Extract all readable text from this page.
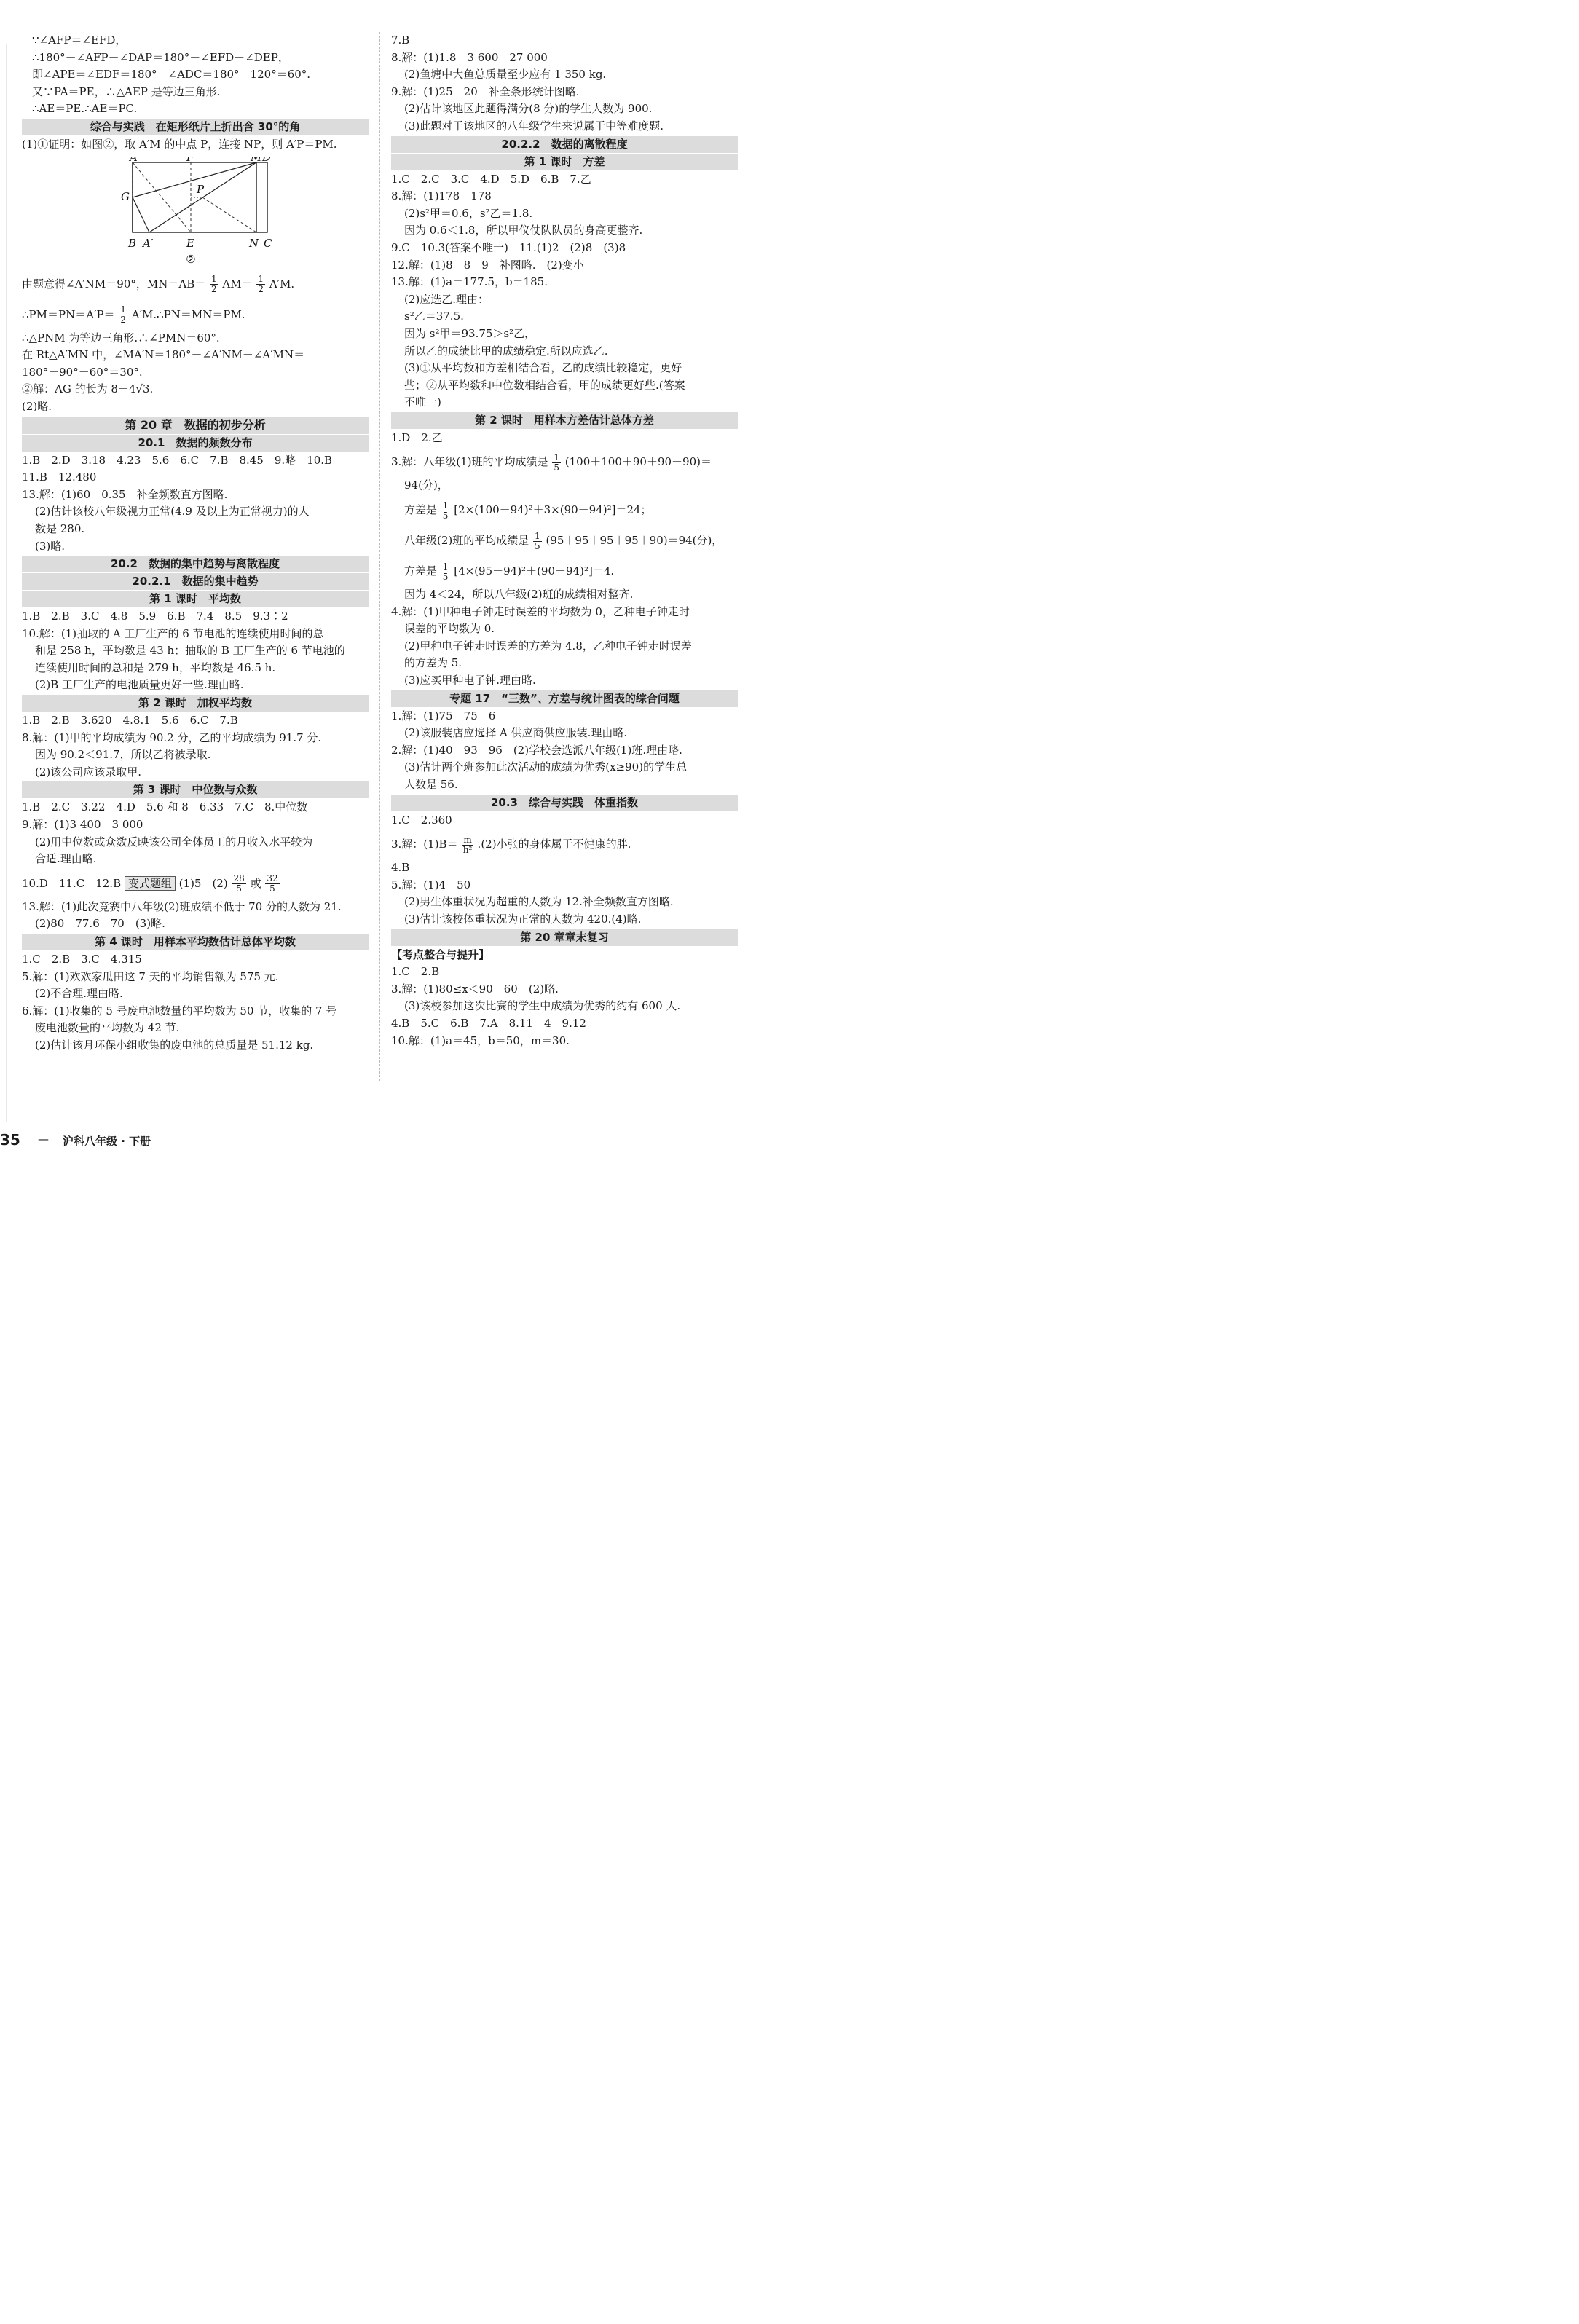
∵∠AFP＝∠EFD，

∴180°－∠AFP－∠DAP＝180°－∠EFD－∠DEP，

即∠APE＝∠EDF＝180°－∠ADC＝180°－120°＝60°.

又∵PA＝PE，∴△AEP 是等边三角形.

∴AE＝PE.∴AE＝PC.

综合与实践　在矩形纸片上折出含 30°的角

(1)①证明：如图②，取 A′M 的中点 P，连接 NP，则 A′P＝PM.

A	F	M D
G
P
B A′	E	N C
②

由题意得∠A′NM＝90°，$MN=AB= \frac{1}{2} AM= \frac{1}{2} A'M$.

∴PM＝PN＝A′P＝ $\frac{1}{2}$ A′M.∴PN＝MN＝PM.

∴△PNM 为等边三角形.∴∠PMN＝60°.

在 Rt△A′MN 中，∠MA′N＝180°－∠A′NM－∠A′MN＝

180°－90°－60°＝30°.

②解：AG 的长为 8－4√3.

(2)略.

第 20 章　数据的初步分析
20.1　数据的频数分布

1.B　2.D　3.18　4.23　5.6　6.C　7.B　8.45　9.略　10.B

11.B　12.480

13.解：(1)60　0.35　补全频数直方图略.

(2)估计该校八年级视力正常(4.9 及以上为正常视力)的人

数是 280.

(3)略.

20.2　数据的集中趋势与离散程度
20.2.1　数据的集中趋势
第 1 课时　平均数

1.B　2.B　3.C　4.8　5.9　6.B　7.4　8.5　9.3∶2

10.解：(1)抽取的 A 工厂生产的 6 节电池的连续使用时间的总

和是 258 h，平均数是 43 h；抽取的 B 工厂生产的 6 节电池的

连续使用时间的总和是 279 h，平均数是 46.5 h.

(2)B 工厂生产的电池质量更好一些.理由略.

第 2 课时　加权平均数

1.B　2.B　3.620　4.8.1　5.6　6.C　7.B

8.解：(1)甲的平均成绩为 90.2 分，乙的平均成绩为 91.7 分.

因为 90.2＜91.7，所以乙将被录取.

(2)该公司应该录取甲.

第 3 课时　中位数与众数

1.B　2.C　3.22　4.D　5.6 和 8　6.33　7.C　8.中位数

9.解：(1)3 400　3 000

(2)用中位数或众数反映该公司全体员工的月收入水平较为

合适.理由略.

10.D　11.C　12.B 变式题组 (1)5　$(2) \frac{28}{5}$ 或 $\frac{32}{5}$

13.解：(1)此次竞赛中八年级(2)班成绩不低于 70 分的人数为 21.

(2)80　77.6　70　(3)略.

第 4 课时　用样本平均数估计总体平均数

1.C　2.B　3.C　4.315

5.解：(1)欢欢家瓜田这 7 天的平均销售额为 575 元.

(2)不合理.理由略.

6.解：(1)收集的 5 号废电池数量的平均数为 50 节，收集的 7 号

废电池数量的平均数为 42 节.

(2)估计该月环保小组收集的废电池的总质量是 51.12 kg.

7.B

8.解：(1)1.8　3 600　27 000

(2)鱼塘中大鱼总质量至少应有 1 350 kg.

9.解：(1)25　20　补全条形统计图略.

(2)估计该地区此题得满分(8 分)的学生人数为 900.

(3)此题对于该地区的八年级学生来说属于中等难度题.

20.2.2　数据的离散程度
第 1 课时　方差

1.C　2.C　3.C　4.D　5.D　6.B　7.乙

8.解：(1)178　178

(2)s²甲＝0.6，s²乙＝1.8.

因为 0.6＜1.8，所以甲仪仗队队员的身高更整齐.

9.C　10.3(答案不唯一)　11.(1)2　(2)8　(3)8

12.解：(1)8　8　9　补图略.　(2)变小

13.解：(1)a＝177.5，b＝185.

(2)应选乙.理由：

s²乙＝37.5.

因为 s²甲＝93.75＞s²乙，

所以乙的成绩比甲的成绩稳定.所以应选乙.

(3)①从平均数和方差相结合看，乙的成绩比较稳定，更好

些；②从平均数和中位数相结合看，甲的成绩更好些.(答案

不唯一)

第 2 课时　用样本方差估计总体方差

1.D　2.乙

3.解：八年级(1)班的平均成绩是 $\frac{1}{5} (100+100+90+90+90)=$

94(分)，

方差是 $\frac{1}{5} [2\times(100-94)^2+3\times(90-94)^2]=24$；

八年级(2)班的平均成绩是 $\frac{1}{5} (95+95+95+95+90)=94$(分)，

方差是 $\frac{1}{5} [4\times(95-94)^2+(90-94)^2]=4$.

因为 4＜24，所以八年级(2)班的成绩相对整齐.

4.解：(1)甲种电子钟走时误差的平均数为 0，乙种电子钟走时

误差的平均数为 0.

(2)甲种电子钟走时误差的方差为 4.8，乙种电子钟走时误差

的方差为 5.

(3)应买甲种电子钟.理由略.

专题 17　“三数”、方差与统计图表的综合问题

1.解：(1)75　75　6

(2)该服装店应选择 A 供应商供应服装.理由略.

2.解：(1)40　93　96　(2)学校会选派八年级(1)班.理由略.

(3)估计两个班参加此次活动的成绩为优秀(x≥90)的学生总

人数是 56.

20.3　综合与实践　体重指数

1.C　2.360

3.解：$(1)B= \frac{m}{\text{h²}} .(2)$小张的身体属于不健康的胖.

4.B

5.解：(1)4　50

(2)男生体重状况为超重的人数为 12.补全频数直方图略.

(3)估计该校体重状况为正常的人数为 420.(4)略.

第 20 章章末复习

【考点整合与提升】

1.C　2.B

3.解：(1)80≤x＜90　60　(2)略.

(3)该校参加这次比赛的学生中成绩为优秀的约有 600 人.

4.B　5.C　6.B　7.A　8.11　4　9.12

10.解：(1)a＝45，b＝50，m＝30.

35 — 沪科八年级 · 下册
